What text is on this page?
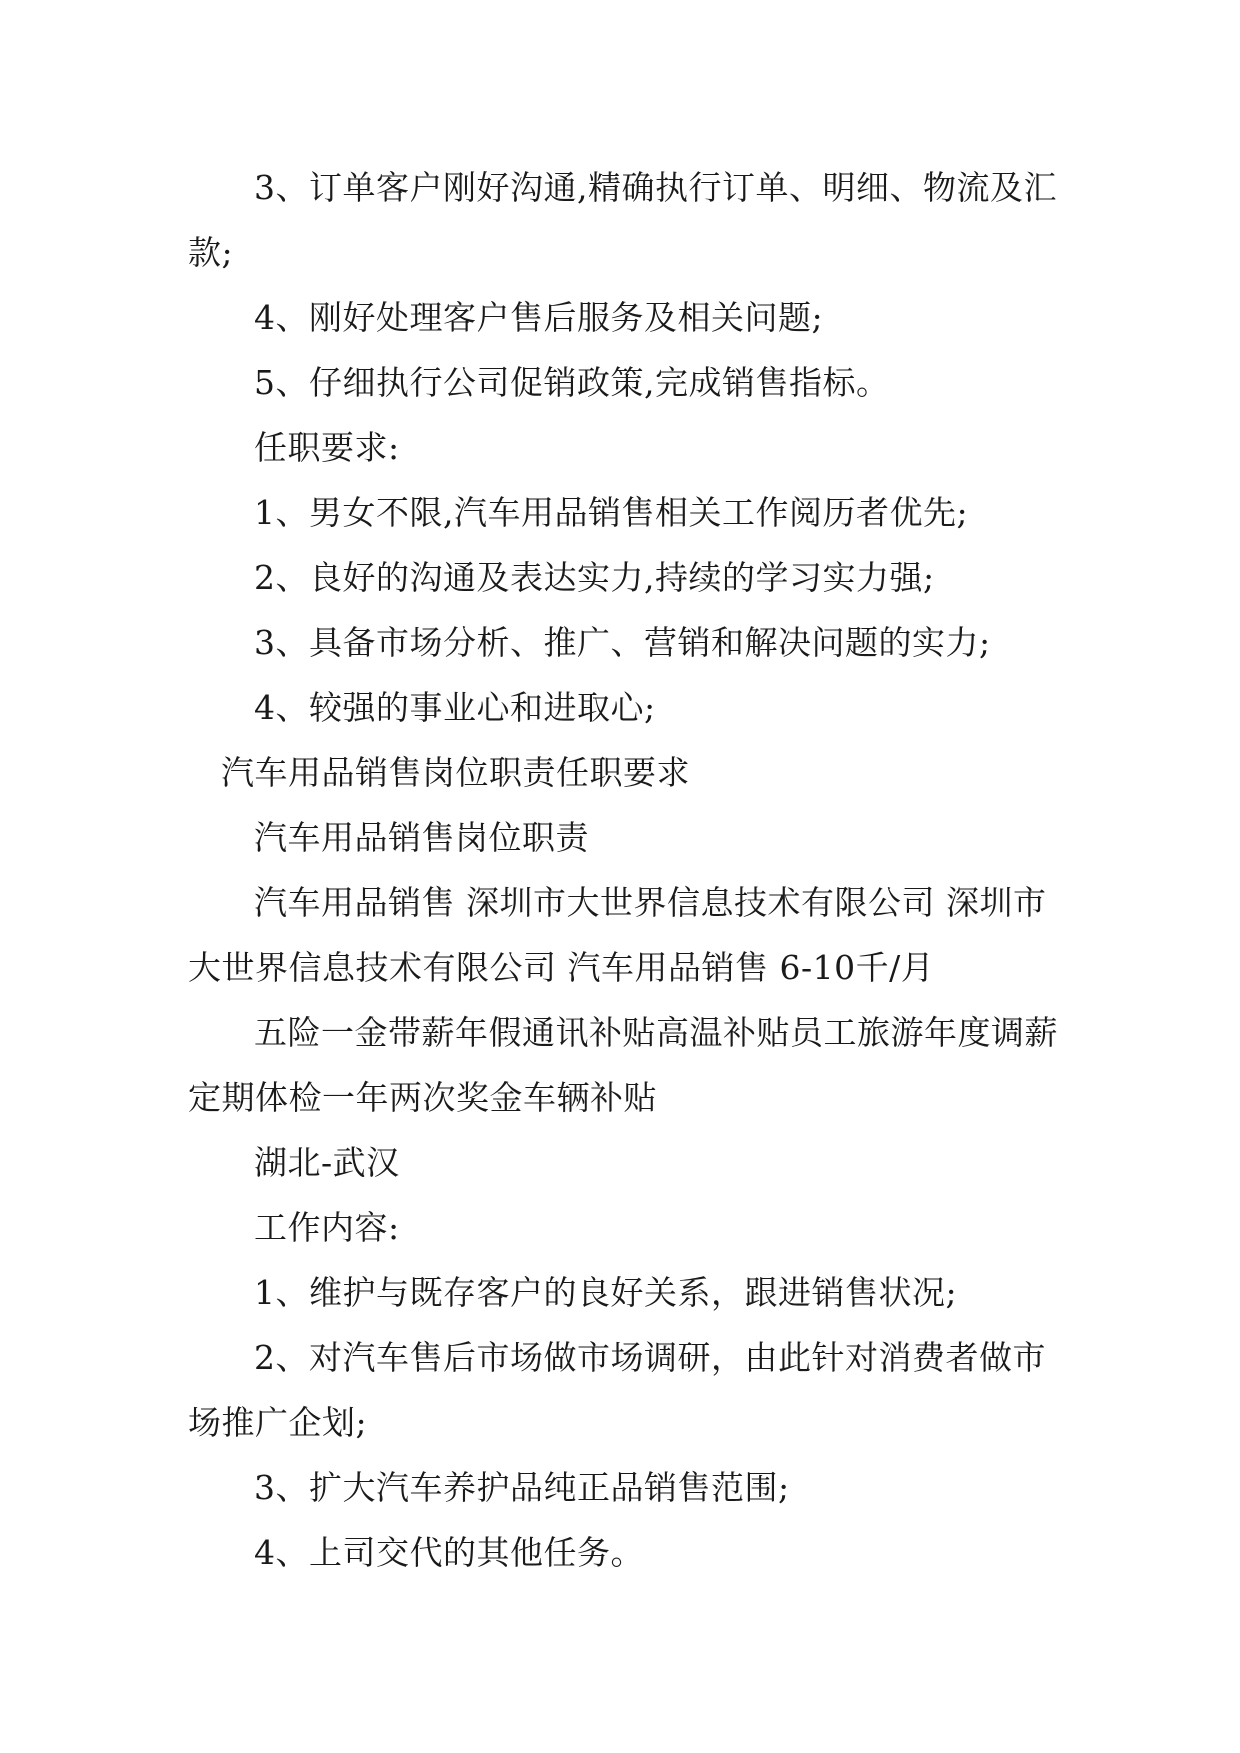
3、订单客户刚好沟通,精确执行订单、明细、物流及汇款;

4、刚好处理客户售后服务及相关问题;

5、仔细执行公司促销政策,完成销售指标。

任职要求:

1、男女不限,汽车用品销售相关工作阅历者优先;

2、良好的沟通及表达实力,持续的学习实力强;

3、具备市场分析、推广、营销和解决问题的实力;

4、较强的事业心和进取心;

汽车用品销售岗位职责任职要求

汽车用品销售岗位职责

汽车用品销售 深圳市大世界信息技术有限公司 深圳市大世界信息技术有限公司 汽车用品销售 6-10千/月

五险一金带薪年假通讯补贴高温补贴员工旅游年度调薪定期体检一年两次奖金车辆补贴

湖北-武汉

工作内容:

1、维护与既存客户的良好关系，跟进销售状况;

2、对汽车售后市场做市场调研，由此针对消费者做市场推广企划;

3、扩大汽车养护品纯正品销售范围;

4、上司交代的其他任务。
